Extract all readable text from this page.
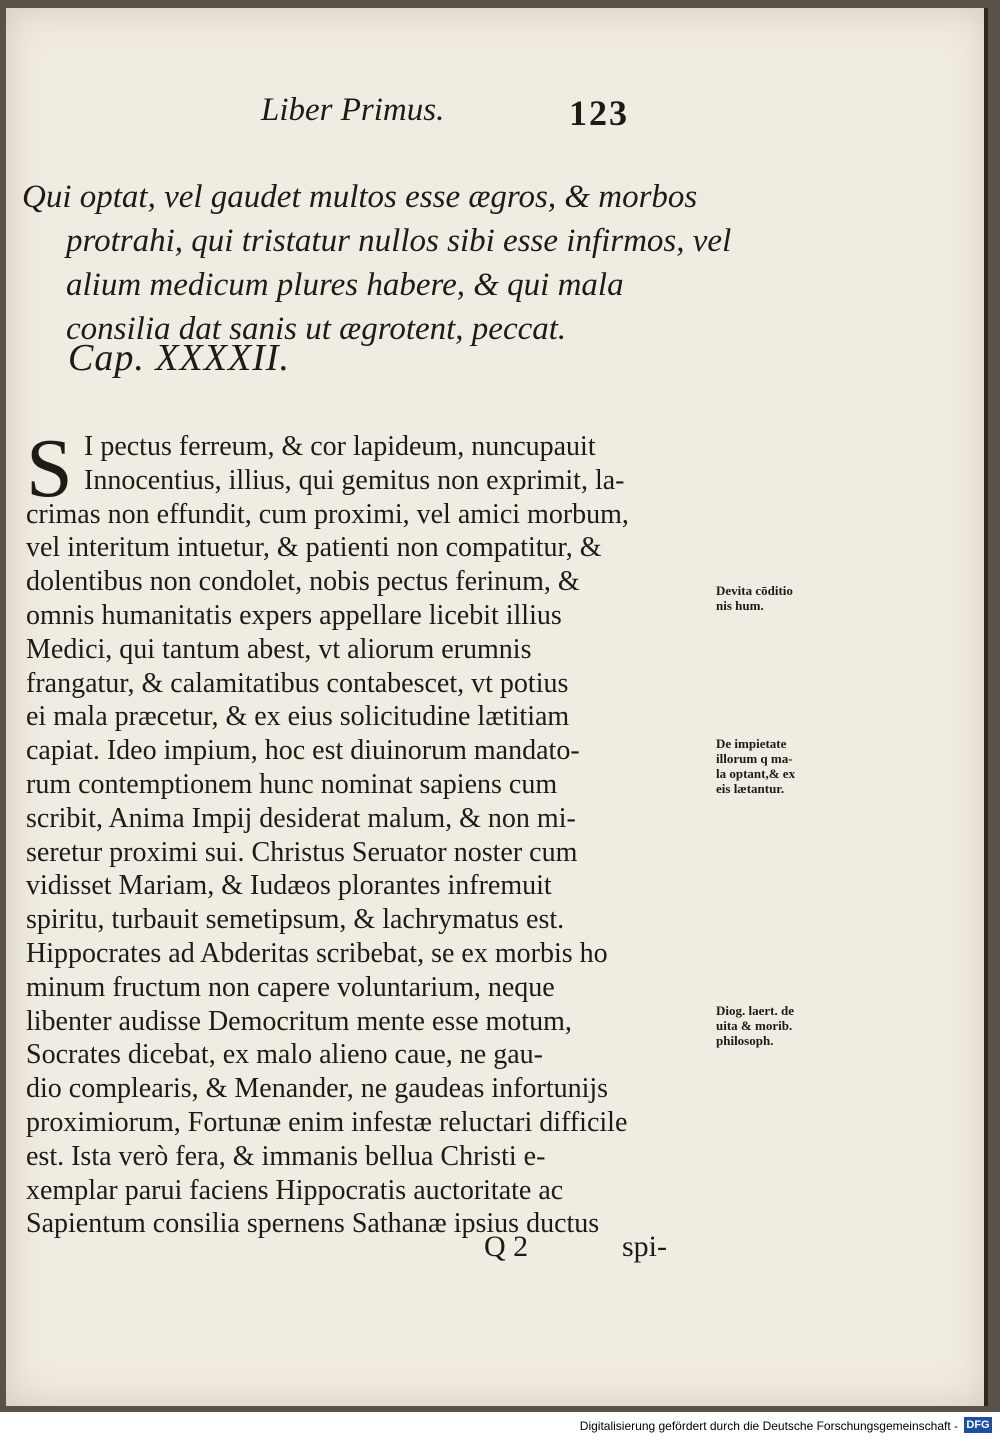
Liber Primus.	123
Qui optat, vel gaudet multos esse ægros, & morbos
protrahi, qui tristatur nullos sibi esse infirmos, vel
alium medicum plures habere, & qui mala
consilia dat sanis ut ægrotent, peccat.
Cap. XXXXII.
S I pectus ferreum, & cor lapideum, nuncupauit
Innocentius, illius, qui gemitus non exprimit, la-
crimas non effundit, cum proximi, vel amici morbum,
vel interitum intuetur, & patienti non compatitur, &
dolentibus non condolet, nobis pectus ferinum, &
omnis humanitatis expers appellare licebit illius
Medici, qui tantum abest, vt aliorum erumnis
frangatur, & calamitatibus contabescet, vt potius
ei mala præcetur, & ex eius solicitudine lætitiam
capiat. Ideo impium, hoc est diuinorum mandato-
rum contemptionem hunc nominat sapiens cum
scribit, Anima Impij desiderat malum, & non mi-
seretur proximi sui. Christus Seruator noster cum
vidisset Mariam, & Iudæos plorantes infremuit
spiritu, turbauit semetipsum, & lachrymatus est.
Hippocrates ad Abderitas scribebat, se ex morbis ho
minum fructum non capere voluntarium, neque
libenter audisse Democritum mente esse motum,
Socrates dicebat, ex malo alieno caue, ne gau-
dio complearis, & Menander, ne gaudeas infortunijs
proximiorum, Fortunæ enim infestæ reluctari difficile
est. Ista verò fera, & immanis bellua Christi e-
xemplar parui faciens Hippocratis auctoritate ac
Sapientum consilia spernens Sathanæ ipsius ductus
Q 2	spi-
Devita cōditio
nis hum.
De impietate
illorum q ma-
la optant,& ex
eis lætantur.
Diog. laert. de
uita & morib.
philosoph.
Digitalisierung gefördert durch die Deutsche Forschungsgemeinschaft - DFG
